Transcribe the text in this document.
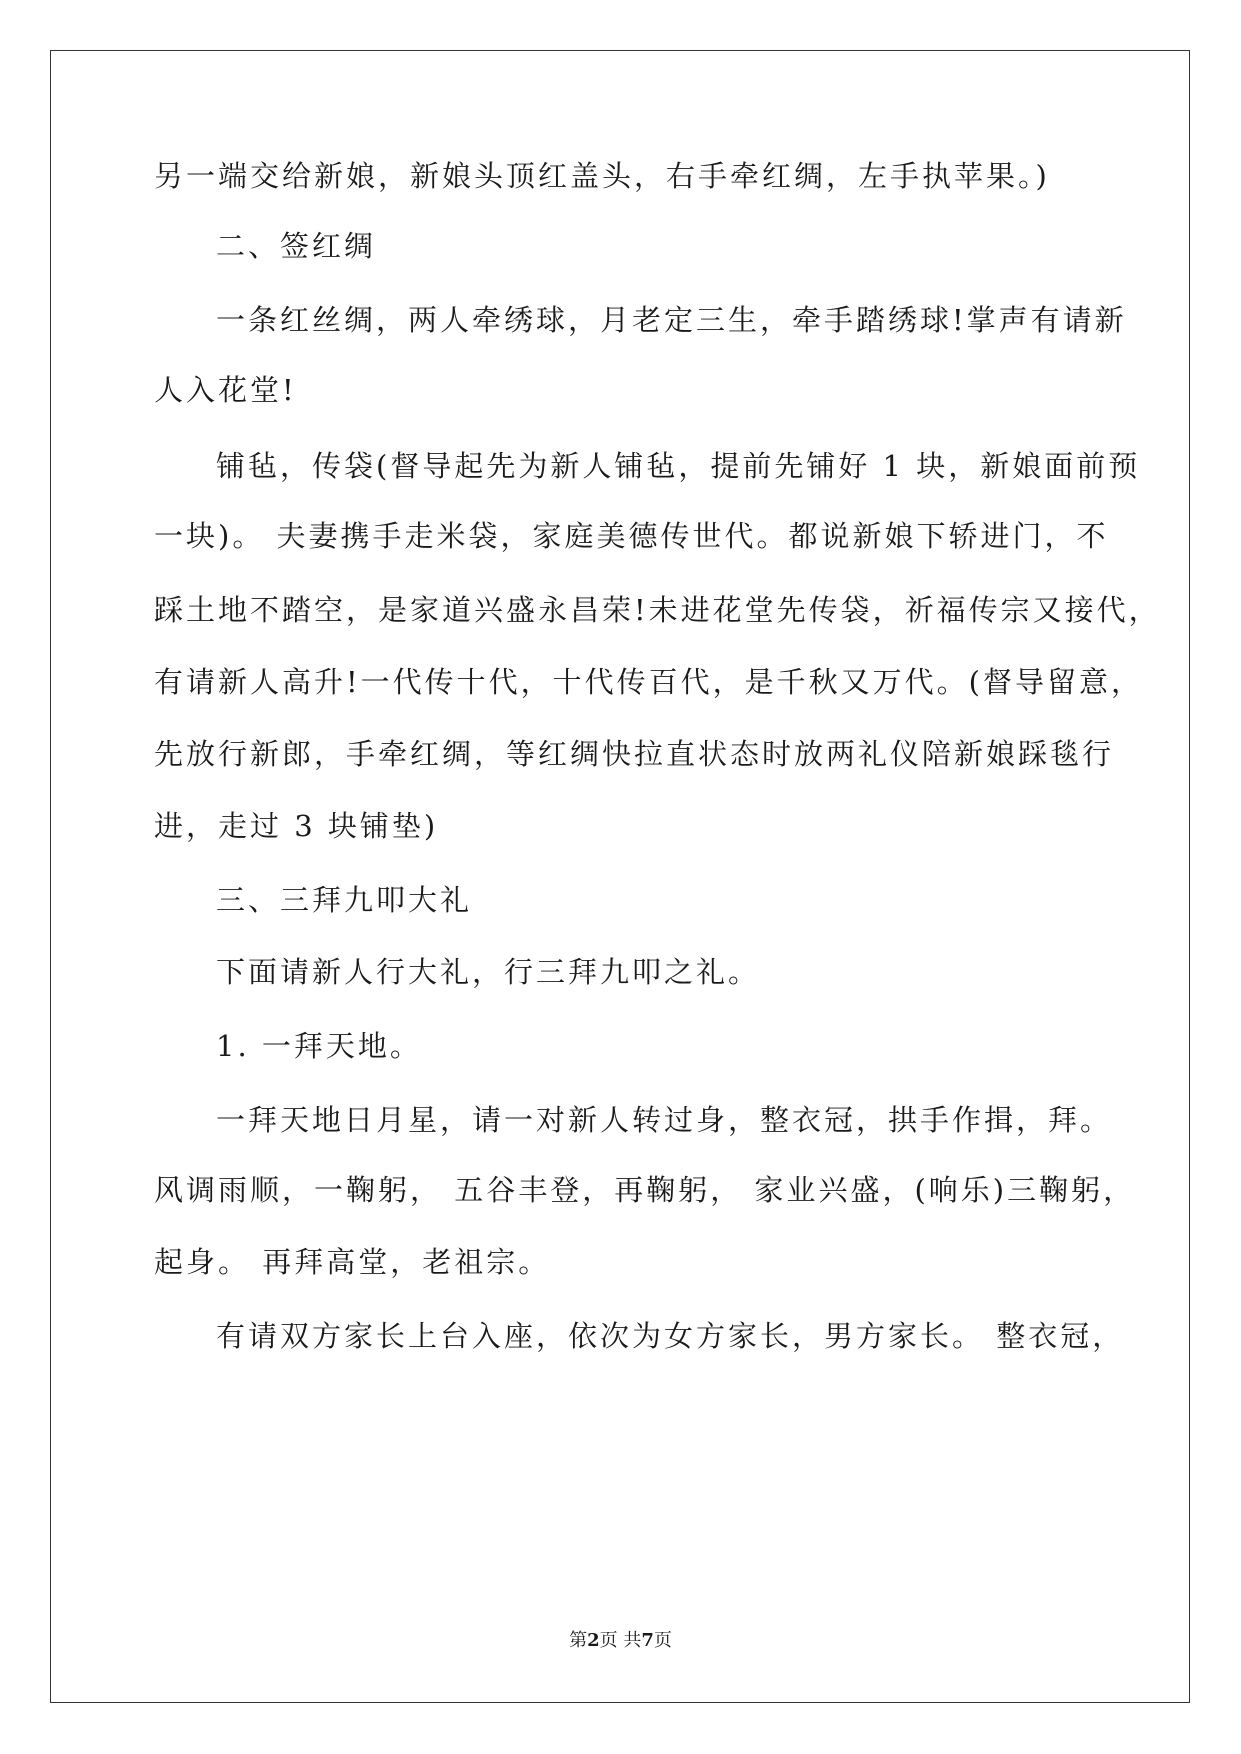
另一端交给新娘，新娘头顶红盖头，右手牵红绸，左手执苹果。)
二、签红绸
一条红丝绸，两人牵绣球，月老定三生，牵手踏绣球!掌声有请新
人入花堂!
铺毡，传袋(督导起先为新人铺毡，提前先铺好 1 块，新娘面前预
一块)。 夫妻携手走米袋，家庭美德传世代。都说新娘下轿进门，不
踩土地不踏空，是家道兴盛永昌荣!未进花堂先传袋，祈福传宗又接代，
有请新人高升!一代传十代，十代传百代，是千秋又万代。(督导留意，
先放行新郎，手牵红绸，等红绸快拉直状态时放两礼仪陪新娘踩毯行
进，走过 3 块铺垫)
三、三拜九叩大礼
下面请新人行大礼，行三拜九叩之礼。
1. 一拜天地。
一拜天地日月星，请一对新人转过身，整衣冠，拱手作揖，拜。
风调雨顺，一鞠躬， 五谷丰登，再鞠躬， 家业兴盛，(响乐)三鞠躬，
起身。 再拜高堂，老祖宗。
有请双方家长上台入座，依次为女方家长，男方家长。 整衣冠，
第2页 共7页
